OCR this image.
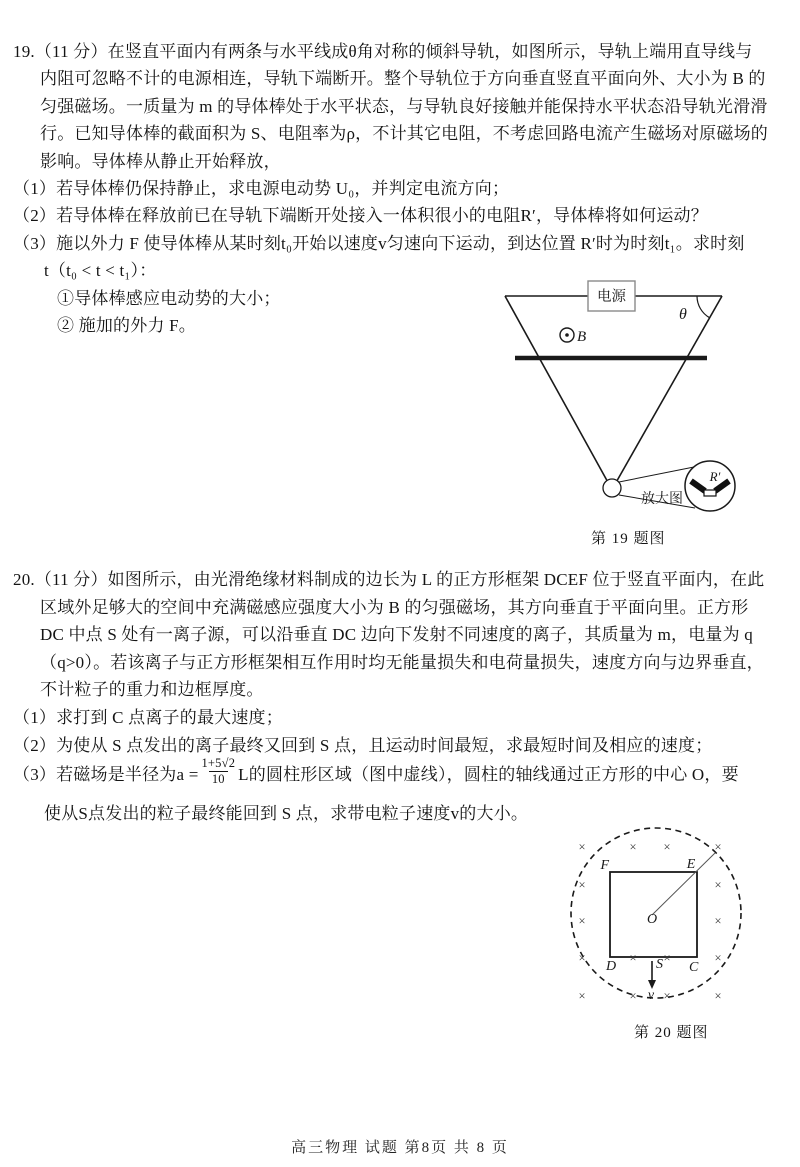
19.（11 分）在竖直平面内有两条与水平线成θ角对称的倾斜导轨，如图所示，导轨上端用直导线与
内阻可忽略不计的电源相连，导轨下端断开。整个导轨位于方向垂直竖直平面向外、大小为 B 的
匀强磁场。一质量为 m 的导体棒处于水平状态，与导轨良好接触并能保持水平状态沿导轨光滑滑
行。已知导体棒的截面积为 S、电阻率为ρ，不计其它电阻，不考虑回路电流产生磁场对原磁场的
影响。导体棒从静止开始释放，
（1）若导体棒仍保持静止，求电源电动势 U₀，并判定电流方向；
（2）若导体棒在释放前已在导轨下端断开处接入一体积很小的电阻R′，导体棒将如何运动？
（3）施以外力 F 使导体棒从某时刻t₀开始以速度v匀速向下运动，到达位置 R′时为时刻t₁。求时刻
t（t₀ < t < t₁）：
①导体棒感应电动势的大小；
② 施加的外力 F。
电源
θ
B
R′
放大图
第 19 题图
20.（11 分）如图所示，由光滑绝缘材料制成的边长为 L 的正方形框架 DCEF 位于竖直平面内，在此
区域外足够大的空间中充满磁感应强度大小为 B 的匀强磁场，其方向垂直于平面向里。正方形
DC 中点 S 处有一离子源，可以沿垂直 DC 边向下发射不同速度的离子，其质量为 m，电量为 q
（q>0）。若该离子与正方形框架相互作用时均无能量损失和电荷量损失，速度方向与边界垂直，
不计粒子的重力和边框厚度。
（1）求打到 C 点离子的最大速度；
（2）为使从 S 点发出的离子最终又回到 S 点，且运动时间最短，求最短时间及相应的速度；
（3）若磁场是半径为$a = \frac{1+5√2}{10}$ L的圆柱形区域（图中虚线），圆柱的轴线通过正方形的中心 O，要
使从S点发出的粒子最终能回到 S 点，求带电粒子速度v的大小。
F	E
D	C
O
S
v
×	× ×	×
×	×
×	×
×	× ×	×
×	× ×	×
第 20 题图
高三物理 试题 第8页 共 8 页
